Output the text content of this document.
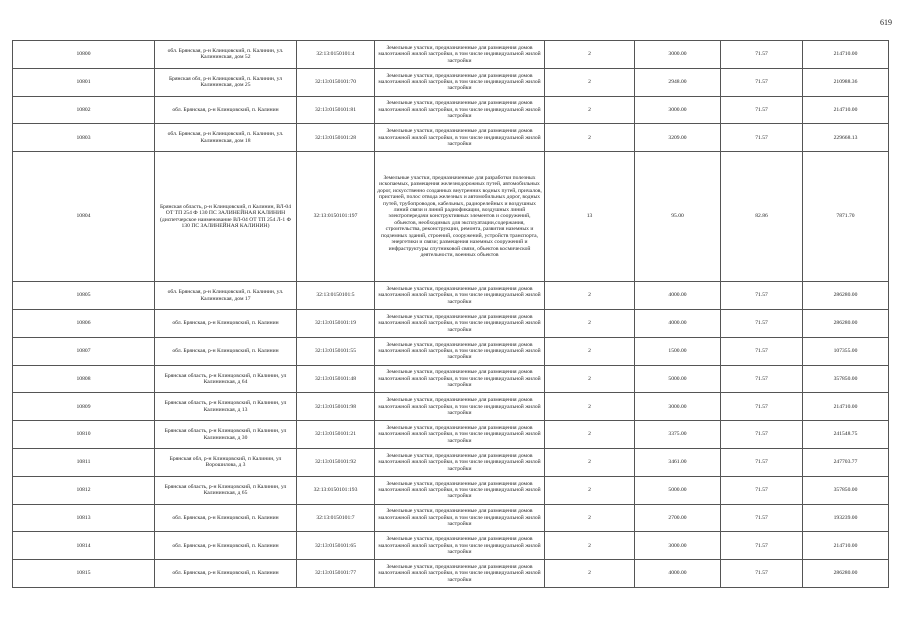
619
10800	обл. Брянская, р-н Клинцовский, п. Калинин, ул. Калининская, дом 52	32:13:0150101:4	Земельные участки, предназначенные для размещения домов малоэтажной жилой застройки, в том числе индивидуальной жилой застройки	2	3000.00	71.57	214710.00
10801	Брянская обл, р-н Клинцовский, п. Калинин, ул Калининская, дом 25	32:13:0150101:70	Земельные участки, предназначенные для размещения домов малоэтажной жилой застройки, в том числе индивидуальной жилой застройки	2	2948.00	71.57	210988.36
10802	обл. Брянская, р-н Клинцовский, п. Калинин	32:13:0150101:81	Земельные участки, предназначенные для размещения домов малоэтажной жилой застройки, в том числе индивидуальной жилой застройки	2	3000.00	71.57	214710.00
10803	обл. Брянская, р-н Клинцовский, п. Калинин, ул. Калининская, дом 18	32:13:0150101:28	Земельные участки, предназначенные для размещения домов малоэтажной жилой застройки, в том числе индивидуальной жилой застройки	2	3209.00	71.57	229668.13
10804	Брянская область, р-н Клинцовский, п Калинин, ВЛ-04 ОТ ТП 254 Ф 130 ПС ЗАЛИНЕЙНАЯ КАЛИНИН (диспетчерское наименование ВЛ-04 ОТ ТП 254 Л-1 Ф 130 ПС ЗАЛИНЕЙНАЯ КАЛИНИН)	32:13:0150101:197	Земельные участки, предназначенные для разработки полезных ископаемых, размещения железнодорожных путей, автомобильных дорог, искусственно созданных внутренних водных путей, причалов, пристаней, полос отвода железных и автомобильных дорог, водных путей, трубопроводов, кабельных, радиорелейных и воздушных линий связи и линий радиофикации, воздушных линий электропередачи конструктивных элементов и сооружений, объектов, необходимых для эксплуатации,содержания, строительства, реконструкции, ремонта, развития наземных и подземных зданий, строений, сооружений, устройств транспорта, энергетики и связи; размещения наземных сооружений и инфраструктуры спутниковой связи, объектов космической деятельности, военных объектов	13	95.00	82.86	7871.70
10805	обл. Брянская, р-н Клинцовский, п. Калинин, ул. Калининская, дом 17	32:13:0150101:5	Земельные участки, предназначенные для размещения домов малоэтажной жилой застройки, в том числе индивидуальной жилой застройки	2	4000.00	71.57	286280.00
10806	обл. Брянская, р-н Клинцовский, п. Калинин	32:13:0150101:19	Земельные участки, предназначенные для размещения домов малоэтажной жилой застройки, в том числе индивидуальной жилой застройки	2	4000.00	71.57	286280.00
10807	обл. Брянская, р-н Клинцовский, п. Калинин	32:13:0150101:55	Земельные участки, предназначенные для размещения домов малоэтажной жилой застройки, в том числе индивидуальной жилой застройки	2	1500.00	71.57	107355.00
10808	Брянская область, р-н Клинцовский, п Калинин, ул Калининская, д 64	32:13:0150101:48	Земельные участки, предназначенные для размещения домов малоэтажной жилой застройки, в том числе индивидуальной жилой застройки	2	5000.00	71.57	357850.00
10809	Брянская область, р-н Клинцовский, п Калинин, ул Калининская, д 13	32:13:0150101:98	Земельные участки, предназначенные для размещения домов малоэтажной жилой застройки, в том числе индивидуальной жилой застройки	2	3000.00	71.57	214710.00
10810	Брянская область, р-н Клинцовский, п Калинин, ул Калининская, д 30	32:13:0150101:21	Земельные участки, предназначенные для размещения домов малоэтажной жилой застройки, в том числе индивидуальной жилой застройки	2	3375.00	71.57	241548.75
10811	Брянская обл, р-н Клинцовский, п Калинин, ул Ворошилова, д 3	32:13:0150101:92	Земельные участки, предназначенные для размещения домов малоэтажной жилой застройки, в том числе индивидуальной жилой застройки	2	3461.00	71.57	247703.77
10812	Брянская область, р-н Клинцовский, п Калинин, ул Калининская, д 65	32:13:0150101:193	Земельные участки, предназначенные для размещения домов малоэтажной жилой застройки, в том числе индивидуальной жилой застройки	2	5000.00	71.57	357850.00
10813	обл. Брянская, р-н Клинцовский, п. Калинин	32:13:0150101:7	Земельные участки, предназначенные для размещения домов малоэтажной жилой застройки, в том числе индивидуальной жилой застройки	2	2700.00	71.57	193239.00
10814	обл. Брянская, р-н Клинцовский, п. Калинин	32:13:0150101:65	Земельные участки, предназначенные для размещения домов малоэтажной жилой застройки, в том числе индивидуальной жилой застройки	2	3000.00	71.57	214710.00
10815	обл. Брянская, р-н Клинцовский, п. Калинин	32:13:0150101:77	Земельные участки, предназначенные для размещения домов малоэтажной жилой застройки, в том числе индивидуальной жилой застройки	2	4000.00	71.57	286280.00
